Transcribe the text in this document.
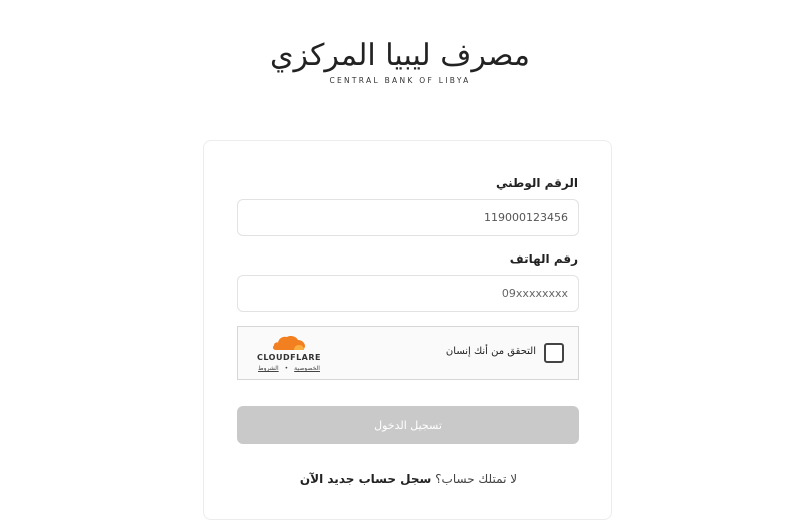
مصرف ليبيا المركزي
CENTRAL BANK OF LIBYA
الرقم الوطني
119000123456
رقم الهاتف
09xxxxxxxx
التحقق من أنك إنسان
CLOUDFLARE
الخصوصية•الشروط
تسجيل الدخول
لا تمتلك حساب؟ سجل حساب جديد الآن
